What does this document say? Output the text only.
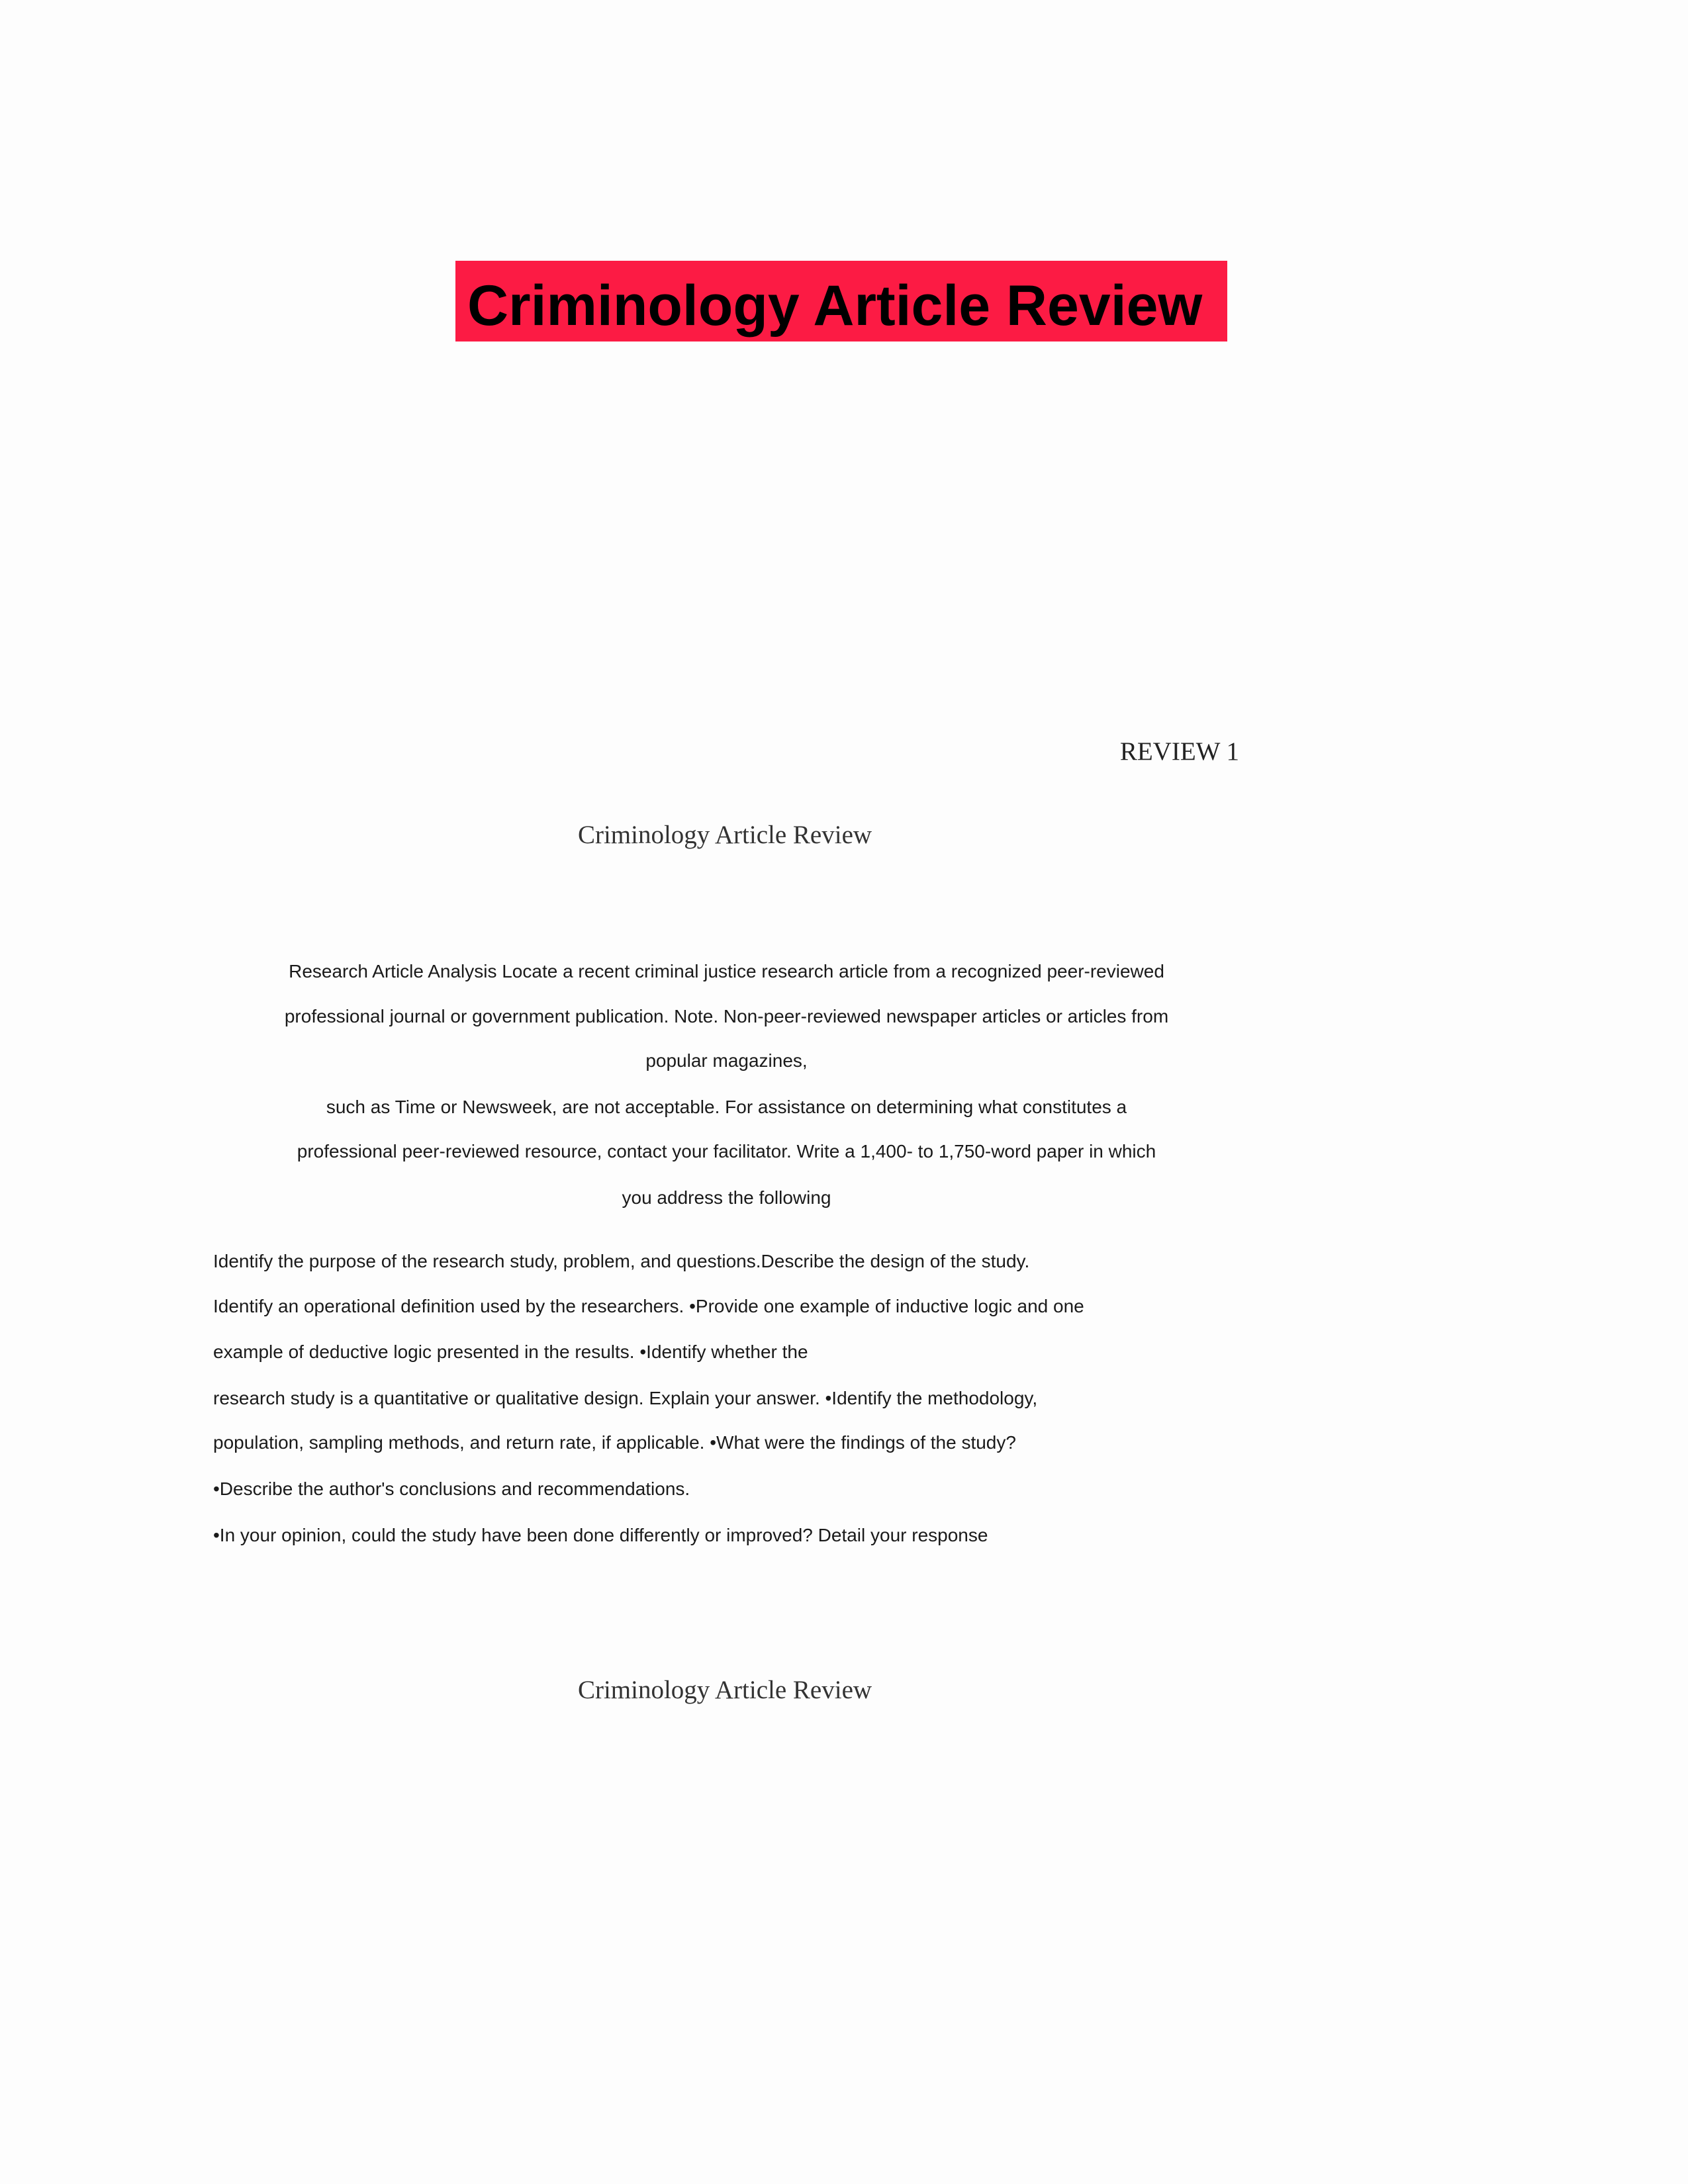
Criminology Article Review
REVIEW 1
Criminology Article Review
Research Article Analysis Locate a recent criminal justice research article from a recognized peer-reviewed
professional journal or government publication. Note. Non-peer-reviewed newspaper articles or articles from
popular magazines,
such as Time or Newsweek, are not acceptable. For assistance on determining what constitutes a
professional peer-reviewed resource, contact your facilitator. Write a 1,400- to 1,750-word paper in which
you address the following
Identify the purpose of the research study, problem, and questions.Describe the design of the study.
Identify an operational definition used by the researchers. •Provide one example of inductive logic and one
example of deductive logic presented in the results. •Identify whether the
research study is a quantitative or qualitative design. Explain your answer. •Identify the methodology,
population, sampling methods, and return rate, if applicable. •What were the findings of the study?
•Describe the author's conclusions and recommendations.
•In your opinion, could the study have been done differently or improved? Detail your response
Criminology Article Review
